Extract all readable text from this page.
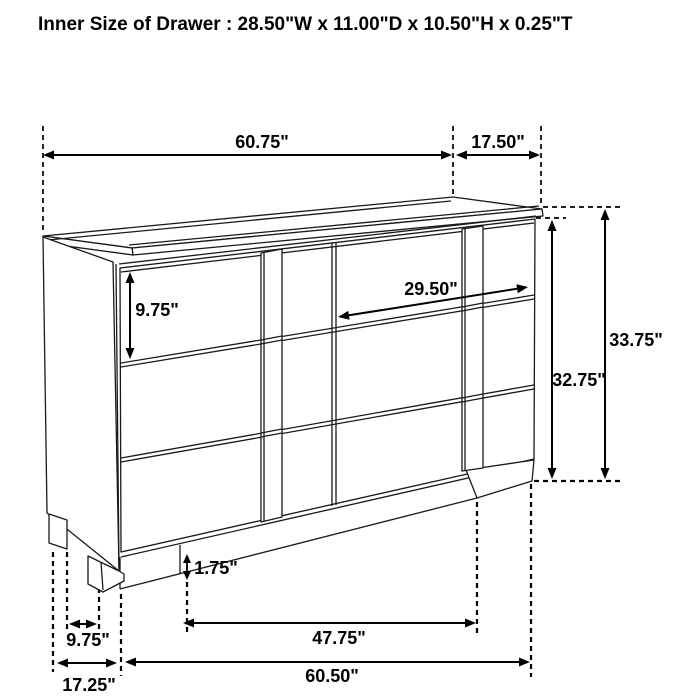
Inner Size of Drawer : 28.50"W x 11.00"D x 10.50"H x 0.25"T
60.75"	17.50"
9.75"
29.50"
32.75"
33.75"
1.75"
9.75"	47.75"
17.25"	60.50"
